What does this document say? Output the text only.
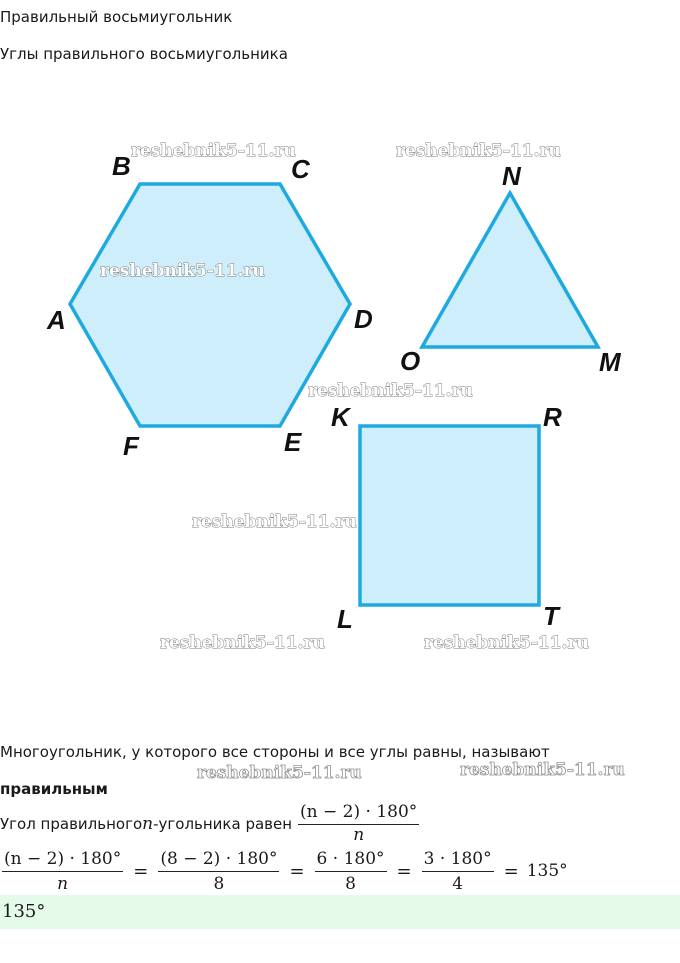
Правильный восьмиугольник
Углы правильного восьмиугольника
A
B	C
D
E
F
N
O	M
K	R
T
L
reshebnik5-11.ru	reshebnik5-11.ru
reshebnik5-11.ru
reshebnik5-11.ru
reshebnik5-11.ru
reshebnik5-11.ru	reshebnik5-11.ru
Многоугольник, у которого все стороны и все углы равны, называют
reshebnik5-11.ru	reshebnik5-11.ru
правильным
Угол правильного n -угольника равен $\frac{(n - 2) \cdot 180^\circ}{n}$
$\frac{(n - 2) \cdot 180^\circ}{n} = \frac{(8 - 2) \cdot 180^\circ}{8} = \frac{6 \cdot 180^\circ}{8} = \frac{3 \cdot 180^\circ}{4} = 135^\circ$
135°
